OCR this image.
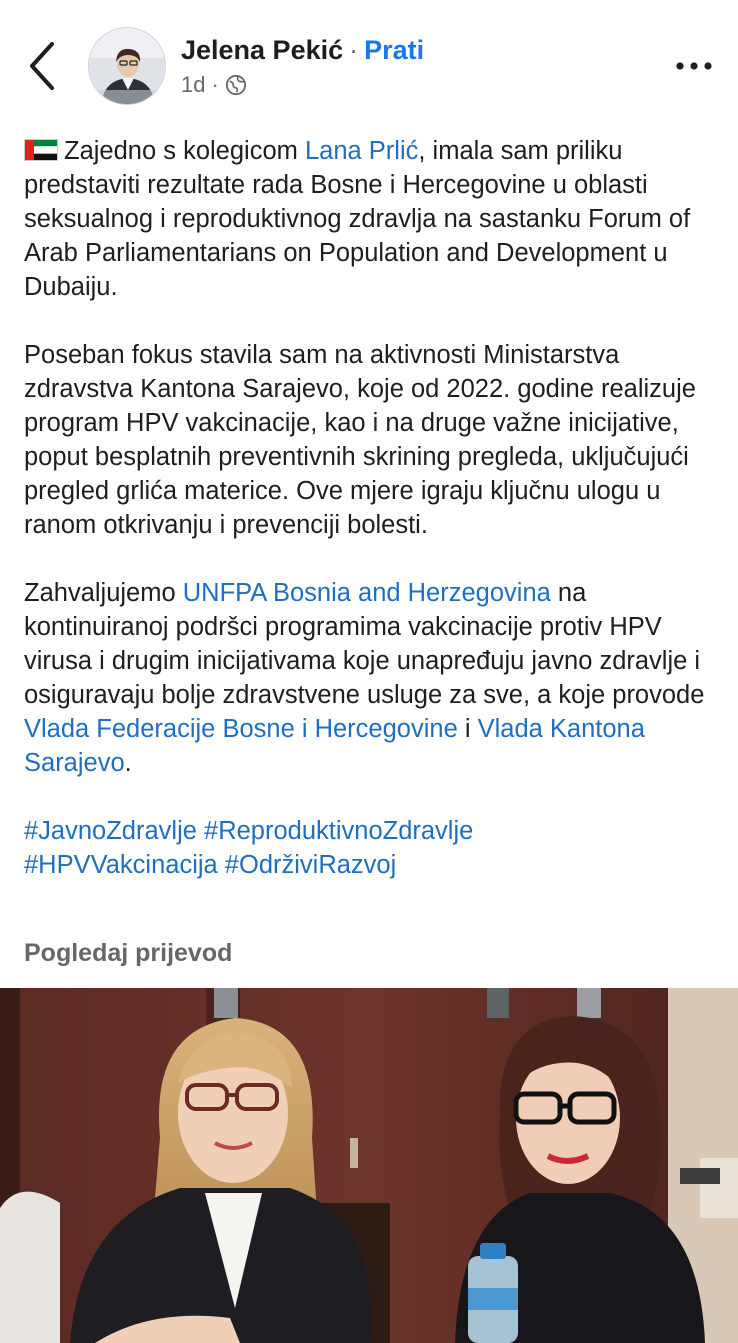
Jelena Pekić · Prati
1d ·

Zajedno s kolegicom Lana Prlić, imala sam priliku predstaviti rezultate rada Bosne i Hercegovine u oblasti seksualnog i reproduktivnog zdravlja na sastanku Forum of Arab Parliamentarians on Population and Development u Dubaiju.

Poseban fokus stavila sam na aktivnosti Ministarstva zdravstva Kantona Sarajevo, koje od 2022. godine realizuje program HPV vakcinacije, kao i na druge važne inicijative, poput besplatnih preventivnih skrining pregleda, uključujući pregled grlića materice. Ove mjere igraju ključnu ulogu u ranom otkrivanju i prevenciji bolesti.

Zahvaljujemo UNFPA Bosnia and Herzegovina na kontinuiranoj podršci programima vakcinacije protiv HPV virusa i drugim inicijativama koje unapređuju javno zdravlje i osiguravaju bolje zdravstvene usluge za sve, a koje provode Vlada Federacije Bosne i Hercegovine i Vlada Kantona Sarajevo.

#JavnoZdravlje #ReproduktivnoZdravlje
#HPVVakcinacija #OdrživiRazvoj

Pogledaj prijevod
